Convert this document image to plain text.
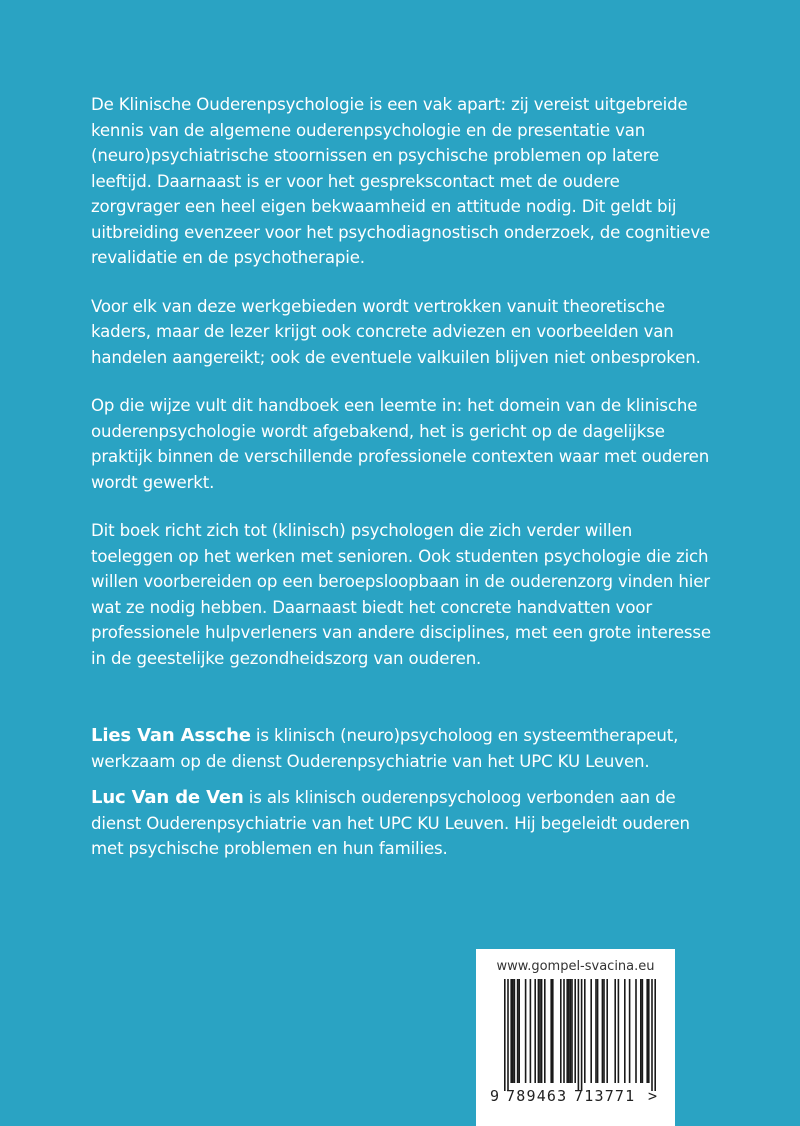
De Klinische Ouderenpsychologie is een vak apart: zij vereist uitgebreide kennis van de algemene ouderenpsychologie en de presentatie van (neuro)psychiatrische stoornissen en psychische problemen op latere leeftijd. Daarnaast is er voor het gesprekscontact met de oudere zorgvrager een heel eigen bekwaamheid en attitude nodig. Dit geldt bij uitbreiding evenzeer voor het psychodiagnostisch onderzoek, de cognitieve revalidatie en de psychotherapie.

Voor elk van deze werkgebieden wordt vertrokken vanuit theoretische kaders, maar de lezer krijgt ook concrete adviezen en voorbeelden van handelen aangereikt; ook de eventuele valkuilen blijven niet onbesproken.

Op die wijze vult dit handboek een leemte in: het domein van de klinische ouderenpsychologie wordt afgebakend, het is gericht op de dagelijkse praktijk binnen de verschillende professionele contexten waar met ouderen wordt gewerkt.

Dit boek richt zich tot (klinisch) psychologen die zich verder willen toeleggen op het werken met senioren. Ook studenten psychologie die zich willen voorbereiden op een beroepsloopbaan in de ouderenzorg vinden hier wat ze nodig hebben. Daarnaast biedt het concrete handvatten voor professionele hulpverleners van andere disciplines, met een grote interesse in de geestelijke gezondheidszorg van ouderen.

Lies Van Assche is klinisch (neuro)psycholoog en systeemtherapeut, werkzaam op de dienst Ouderenpsychiatrie van het UPC KU Leuven.

Luc Van de Ven is als klinisch ouderenpsycholoog verbonden aan de dienst Ouderenpsychiatrie van het UPC KU Leuven. Hij begeleidt ouderen met psychische problemen en hun families.

www.gompel-svacina.eu
9 789463 713771 >
